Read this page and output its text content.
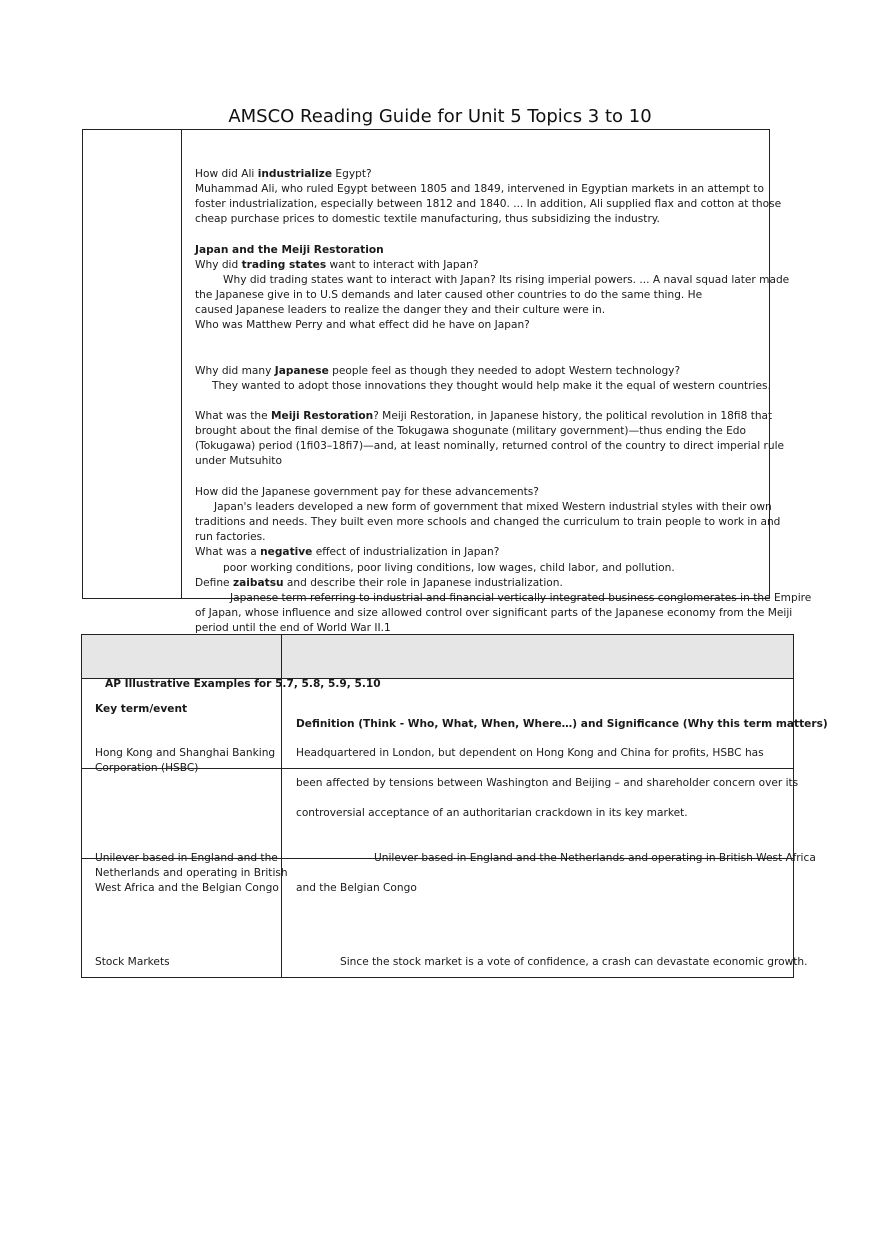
AMSCO Reading Guide for Unit 5 Topics 3 to 10
How did Ali industrialize Egypt?
Muhammad Ali, who ruled Egypt between 1805 and 1849, intervened in Egyptian markets in an attempt to
foster industrialization, especially between 1812 and 1840. ... In addition, Ali supplied flax and cotton at those
cheap purchase prices to domestic textile manufacturing, thus subsidizing the industry.
Japan and the Meiji Restoration
Why did trading states want to interact with Japan?
Why did trading states want to interact with Japan? Its rising imperial powers. ... A naval squad later made
the Japanese give in to U.S demands and later caused other countries to do the same thing. He
caused Japanese leaders to realize the danger they and their culture were in.
Who was Matthew Perry and what effect did he have on Japan?
Why did many Japanese people feel as though they needed to adopt Western technology?
They wanted to adopt those innovations they thought would help make it the equal of western countries.
What was the Meiji Restoration? Meiji Restoration, in Japanese history, the political revolution in 18fi8 that
brought about the final demise of the Tokugawa shogunate (military government)—thus ending the Edo
(Tokugawa) period (1fi03–18fi7)—and, at least nominally, returned control of the country to direct imperial rule
under Mutsuhito
How did the Japanese government pay for these advancements?
Japan's leaders developed a new form of government that mixed Western industrial styles with their own
traditions and needs. They built even more schools and changed the curriculum to train people to work in and
run factories.
What was a negative effect of industrialization in Japan?
poor working conditions, poor living conditions, low wages, child labor, and pollution.
Define zaibatsu and describe their role in Japanese industrialization.
Japanese term referring to industrial and financial vertically integrated business conglomerates in the Empire
of Japan, whose influence and size allowed control over significant parts of the Japanese economy from the Meiji
period until the end of World War II.1
AP Illustrative Examples for 5.7, 5.8, 5.9, 5.10
Key term/event
Definition (Think - Who, What, When, Where…) and Significance (Why this term matters)
Hong Kong and Shanghai Banking
Corporation (HSBC)
Headquartered in London, but dependent on Hong Kong and China for profits, HSBC has
been affected by tensions between Washington and Beijing – and shareholder concern over its
controversial acceptance of an authoritarian crackdown in its key market.
Unilever based in England and the
Netherlands and operating in British
West Africa and the Belgian Congo
Unilever based in England and the Netherlands and operating in British West Africa
and the Belgian Congo
Stock Markets	Since the stock market is a vote of confidence, a crash can devastate economic growth.
